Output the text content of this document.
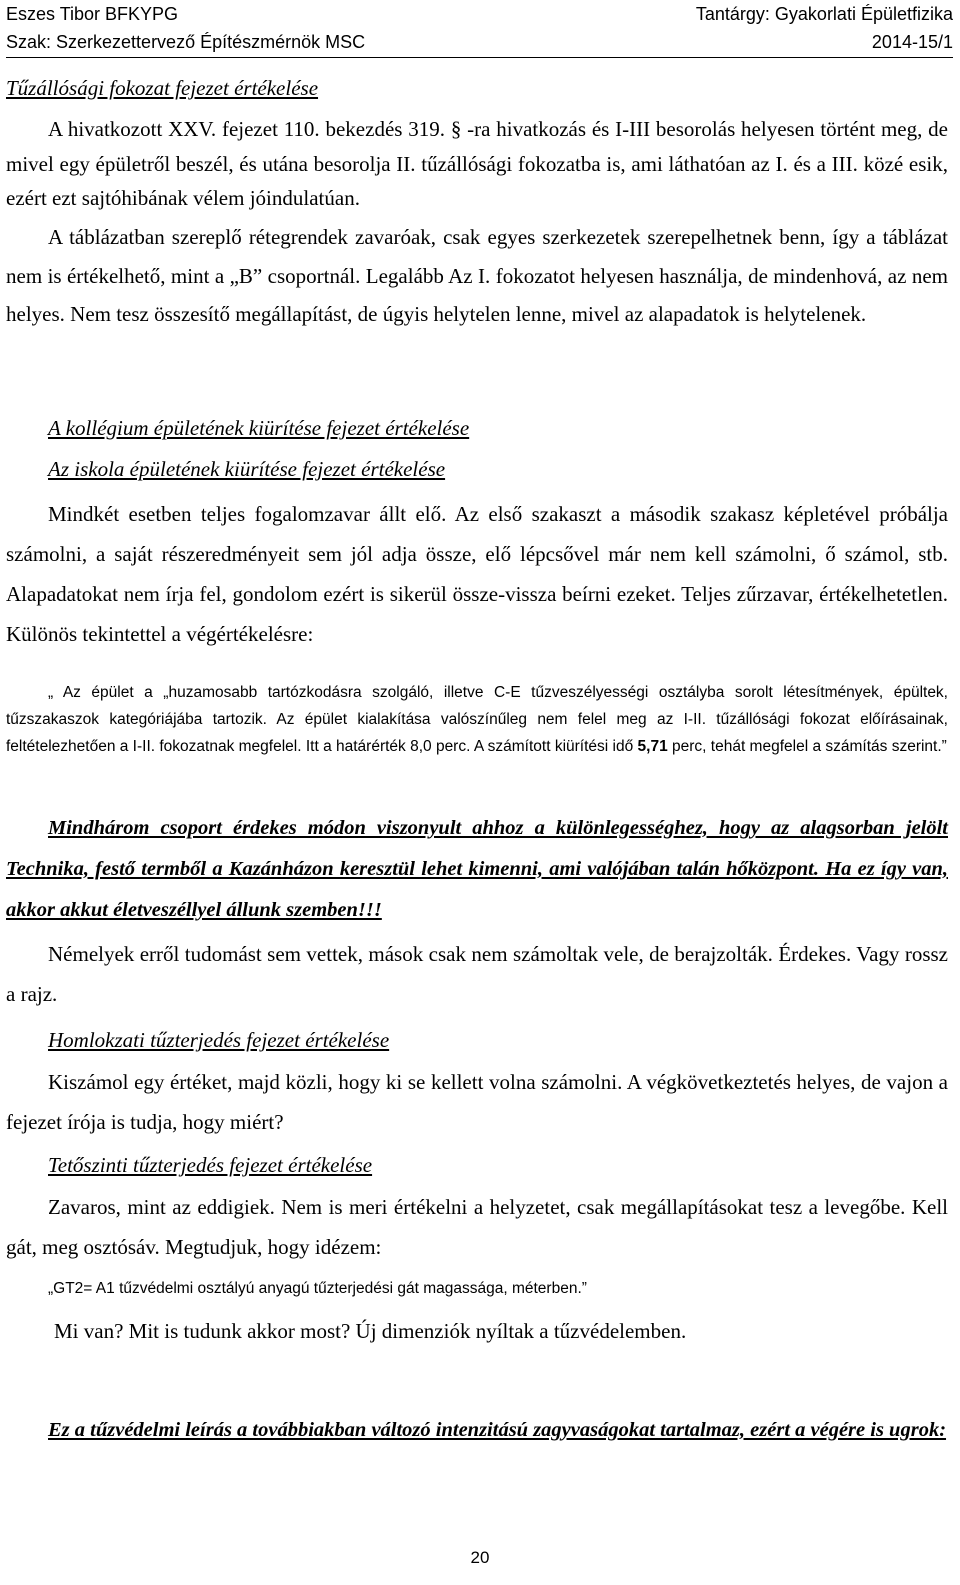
Eszes Tibor BFKYPG	Tantárgy: Gyakorlati Épületfizika
Szak: Szerkezettervező Építészmérnök MSC	2014-15/1

Tűzállósági fokozat fejezet értékelése

A hivatkozott XXV. fejezet 110. bekezdés 319. § -ra hivatkozás és I-III besorolás helyesen történt meg, de mivel egy épületről beszél, és utána besorolja II. tűzállósági fokozatba is, ami láthatóan az I. és a III. közé esik, ezért ezt sajtóhibának vélem jóindulatúan.

A táblázatban szereplő rétegrendek zavaróak, csak egyes szerkezetek szerepelhetnek benn, így a táblázat nem is értékelhető, mint a „B” csoportnál. Legalább Az I. fokozatot helyesen használja, de mindenhová, az nem helyes. Nem tesz összesítő megállapítást, de úgyis helytelen lenne, mivel az alapadatok is helytelenek.

A kollégium épületének kiürítése fejezet értékelése

Az iskola épületének kiürítése fejezet értékelése

Mindkét esetben teljes fogalomzavar állt elő. Az első szakaszt a második szakasz képletével próbálja számolni, a saját részeredményeit sem jól adja össze, elő lépcsővel már nem kell számolni, ő számol, stb. Alapadatokat nem írja fel, gondolom ezért is sikerül össze-vissza beírni ezeket. Teljes zűrzavar, értékelhetetlen. Különös tekintettel a végértékelésre:

„ Az épület a „huzamosabb tartózkodásra szolgáló, illetve C-E tűzveszélyességi osztályba sorolt létesítmények, épültek, tűzszakaszok kategóriájába tartozik. Az épület kialakítása valószínűleg nem felel meg az I-II. tűzállósági fokozat előírásainak, feltételezhetően a I-II. fokozatnak megfelel. Itt a határérték 8,0 perc. A számított kiürítési idő 5,71 perc, tehát megfelel a számítás szerint.”

Mindhárom csoport érdekes módon viszonyult ahhoz a különlegességhez, hogy az alagsorban jelölt Technika, festő termből a Kazánházon keresztül lehet kimenni, ami valójában talán hőközpont. Ha ez így van, akkor akkut életveszéllyel állunk szemben!!!

Némelyek erről tudomást sem vettek, mások csak nem számoltak vele, de berajzolták. Érdekes. Vagy rossz a rajz.

Homlokzati tűzterjedés fejezet értékelése

Kiszámol egy értéket, majd közli, hogy ki se kellett volna számolni. A végkövetkeztetés helyes, de vajon a fejezet írója is tudja, hogy miért?

Tetőszinti tűzterjedés fejezet értékelése

Zavaros, mint az eddigiek. Nem is meri értékelni a helyzetet, csak megállapításokat tesz a levegőbe. Kell gát, meg osztósáv. Megtudjuk, hogy idézem:

„GT2= A1 tűzvédelmi osztályú anyagú tűzterjedési gát magassága, méterben.”

Mi van? Mit is tudunk akkor most? Új dimenziók nyíltak a tűzvédelemben.

Ez a tűzvédelmi leírás a továbbiakban változó intenzitású zagyvaságokat tartalmaz, ezért a végére is ugrok:

20
